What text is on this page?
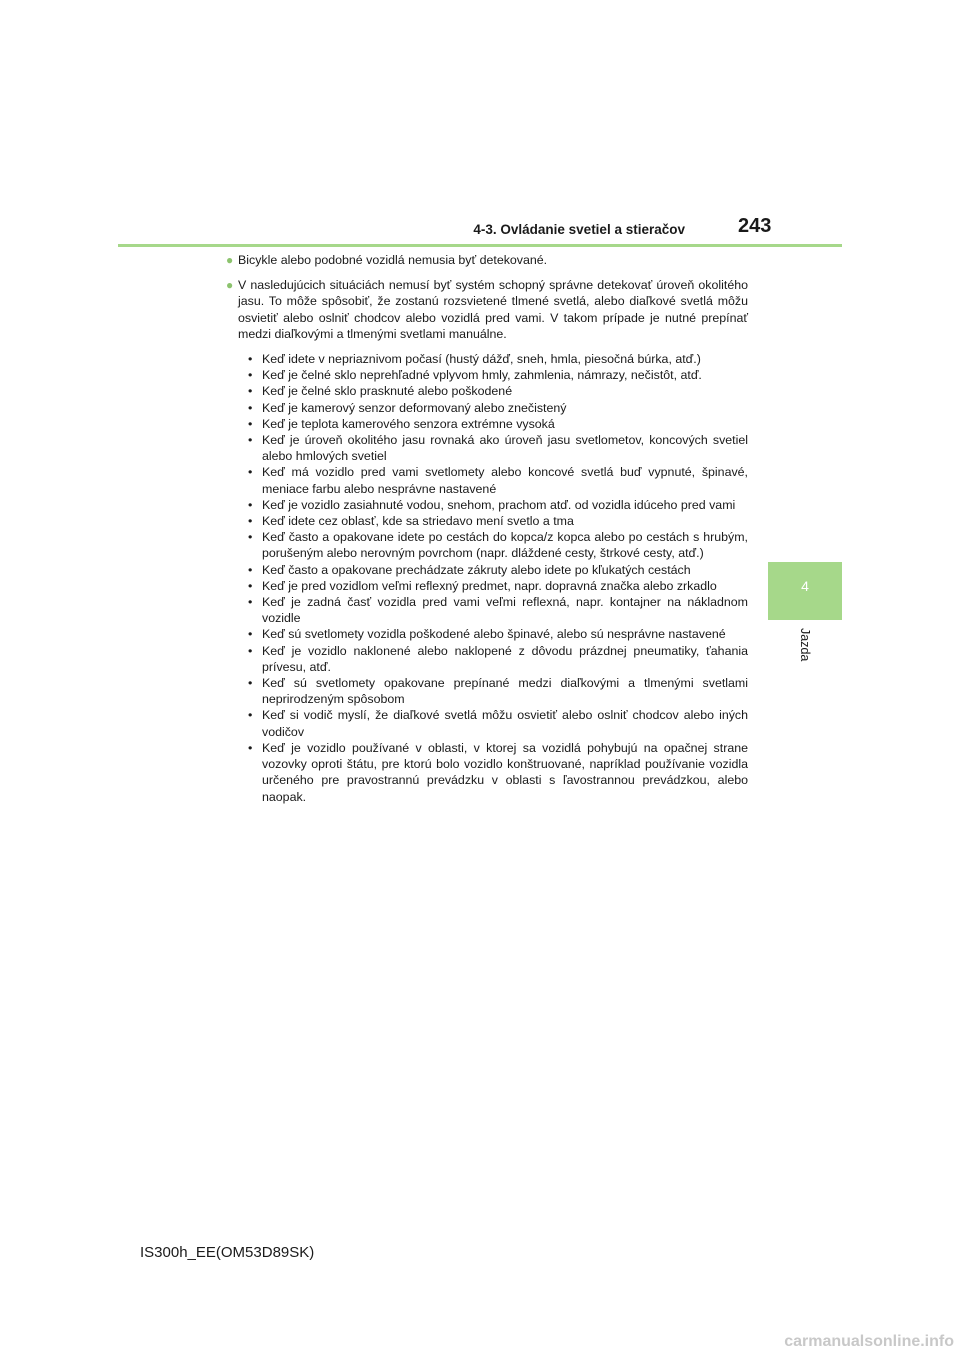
4-3. Ovládanie svetiel a stieračov	243
4
Jazda
● Bicykle alebo podobné vozidlá nemusia byť detekované.
● V nasledujúcich situáciách nemusí byť systém schopný správne detekovať úroveň okolitého jasu. To môže spôsobiť, že zostanú rozsvietené tlmené svetlá, alebo diaľkové svetlá môžu osvietiť alebo oslniť chodcov alebo vozidlá pred vami. V takom prípade je nutné prepínať medzi diaľkovými a tlmenými svetlami manuálne.
• Keď idete v nepriaznivom počasí (hustý dážď, sneh, hmla, piesočná búrka, atď.)
• Keď je čelné sklo neprehľadné vplyvom hmly, zahmlenia, námrazy, nečistôt, atď.
• Keď je čelné sklo prasknuté alebo poškodené
• Keď je kamerový senzor deformovaný alebo znečistený
• Keď je teplota kamerového senzora extrémne vysoká
• Keď je úroveň okolitého jasu rovnaká ako úroveň jasu svetlometov, koncových svetiel alebo hmlových svetiel
• Keď má vozidlo pred vami svetlomety alebo koncové svetlá buď vypnuté, špinavé, meniace farbu alebo nesprávne nastavené
• Keď je vozidlo zasiahnuté vodou, snehom, prachom atď. od vozidla idúceho pred vami
• Keď idete cez oblasť, kde sa striedavo mení svetlo a tma
• Keď často a opakovane idete po cestách do kopca/z kopca alebo po cestách s hrubým, porušeným alebo nerovným povrchom (napr. dláždené cesty, štrkové cesty, atď.)
• Keď často a opakovane prechádzate zákruty alebo idete po kľukatých cestách
• Keď je pred vozidlom veľmi reflexný predmet, napr. dopravná značka alebo zrkadlo
• Keď je zadná časť vozidla pred vami veľmi reflexná, napr. kontajner na nákladnom vozidle
• Keď sú svetlomety vozidla poškodené alebo špinavé, alebo sú nesprávne nastavené
• Keď je vozidlo naklonené alebo naklopené z dôvodu prázdnej pneumatiky, ťahania prívesu, atď.
• Keď sú svetlomety opakovane prepínané medzi diaľkovými a tlmenými svetlami neprirodzeným spôsobom
• Keď si vodič myslí, že diaľkové svetlá môžu osvietiť alebo oslniť chodcov alebo iných vodičov
• Keď je vozidlo používané v oblasti, v ktorej sa vozidlá pohybujú na opačnej strane vozovky oproti štátu, pre ktorú bolo vozidlo konštruované, napríklad používanie vozidla určeného pre pravostrannú prevádzku v oblasti s ľavostrannou prevádzkou, alebo naopak.
IS300h_EE(OM53D89SK)
carmanualsonline.info
